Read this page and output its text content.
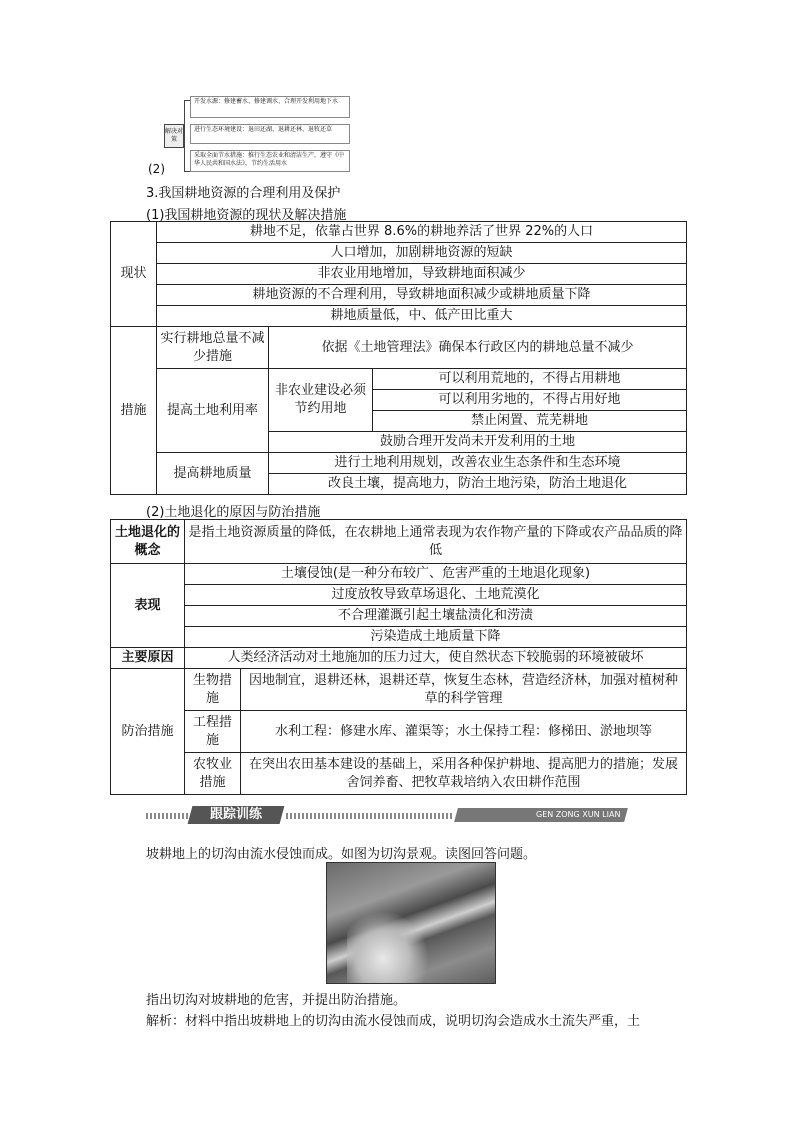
解决对策
开发水源：修建蓄水、修建调水、合理开发利用地下水
进行生态环境建设：退田还湖、退耕还林、退牧还草
采取全面节水措施：推行生态农业和清洁生产，遵守《中华人民共和国水法》，节约生活用水
(2)
3.我国耕地资源的合理利用及保护
(1)我国耕地资源的现状及解决措施
现状	耕地不足，依靠占世界 8.6%的耕地养活了世界 22%的人口		
	人口增加，加剧耕地资源的短缺		
	非农业用地增加，导致耕地面积减少		
	耕地资源的不合理利用，导致耕地面积减少或耕地质量下降		
	耕地质量低，中、低产田比重大		
措施	实行耕地总量不减少措施	依据《土地管理法》确保本行政区内的耕地总量不减少	
	提高土地利用率	非农业建设必须节约用地	可以利用荒地的，不得占用耕地
			可以利用劣地的，不得占用好地
			禁止闲置、荒芜耕地
		鼓励合理开发尚未开发利用的土地	
	提高耕地质量	进行土地利用规划，改善农业生态条件和生态环境	
		改良土壤，提高地力，防治土地污染，防治土地退化	
(2)土地退化的原因与防治措施
土地退化的概念	是指土地资源质量的降低，在农耕地上通常表现为农作物产量的下降或农产品品质的降低	
表现	土壤侵蚀(是一种分布较广、危害严重的土地退化现象)	
	过度放牧导致草场退化、土地荒漠化	
	不合理灌溉引起土壤盐渍化和涝渍	
	污染造成土地质量下降	
主要原因	人类经济活动对土地施加的压力过大，使自然状态下较脆弱的环境被破坏	
防治措施	生物措施	因地制宜，退耕还林，退耕还草，恢复生态林，营造经济林，加强对植树种草的科学管理
	工程措施	水利工程：修建水库、灌渠等；水土保持工程：修梯田、淤地坝等
	农牧业措施	在突出农田基本建设的基础上，采用各种保护耕地、提高肥力的措施；发展舍饲养畜、把牧草栽培纳入农田耕作范围
跟踪训练	GEN ZONG XUN LIAN
坡耕地上的切沟由流水侵蚀而成。如图为切沟景观。读图回答问题。
指出切沟对坡耕地的危害，并提出防治措施。
解析：材料中指出坡耕地上的切沟由流水侵蚀而成，说明切沟会造成水土流失严重，土
